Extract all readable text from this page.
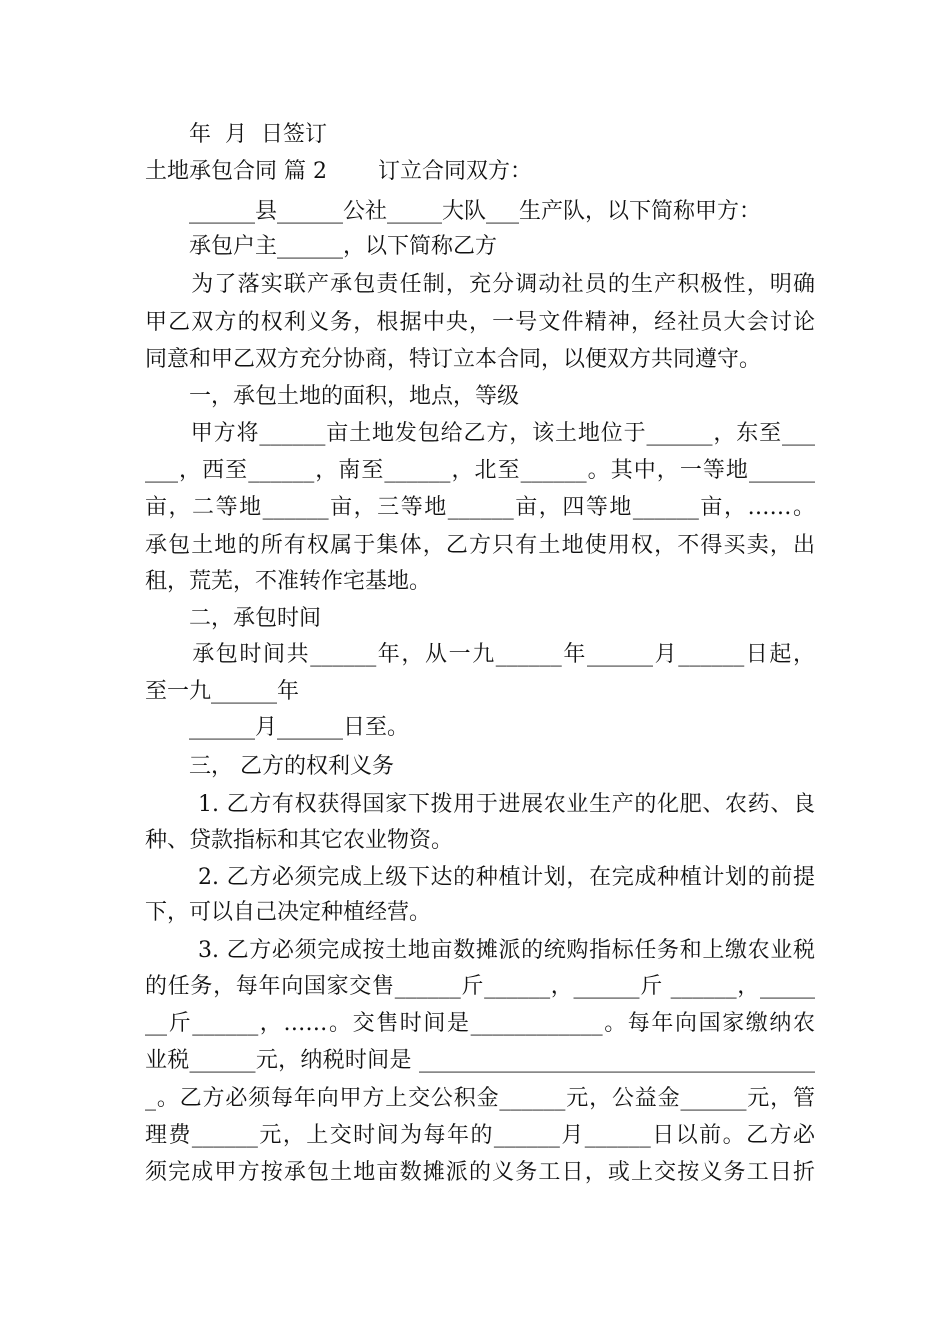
　　年  月  日签订
土地承包合同 篇 2　　 订立合同双方：
　　______县______公社_____大队___生产队，以下简称甲方：
　　承包户主______，以下简称乙方
　　为了落实联产承包责任制，充分调动社员的生产积极性，明确
甲乙双方的权利义务，根据中央，一号文件精神，经社员大会讨论
同意和甲乙双方充分协商，特订立本合同，以便双方共同遵守。
　　一，承包土地的面积，地点，等级
　　甲方将______亩土地发包给乙方，该土地位于______，东至___
___，西至______，南至______，北至______。其中，一等地______
亩，二等地______亩，三等地______亩，四等地______亩，……。
承包土地的所有权属于集体，乙方只有土地使用权，不得买卖，出
租，荒芜，不准转作宅基地。
　　二，承包时间
　　承包时间共______年，从一九______年______月______日起，
至一九______年
　　______月______日至。
　　三， 乙方的权利义务
　　 1. 乙方有权获得国家下拨用于进展农业生产的化肥、农药、良
种、贷款指标和其它农业物资。
　　 2. 乙方必须完成上级下达的种植计划，在完成种植计划的前提
下，可以自己决定种植经营。
　　 3. 乙方必须完成按土地亩数摊派的统购指标任务和上缴农业税
的任务，每年向国家交售______斤______，______斤 ______，_____
__斤______，……。交售时间是____________。每年向国家缴纳农
业税______元，纳税时间是 ____________________________________
_。乙方必须每年向甲方上交公积金______元，公益金______元，管
理费______元，上交时间为每年的______月______日以前。乙方必
须完成甲方按承包土地亩数摊派的义务工日，或上交按义务工日折
